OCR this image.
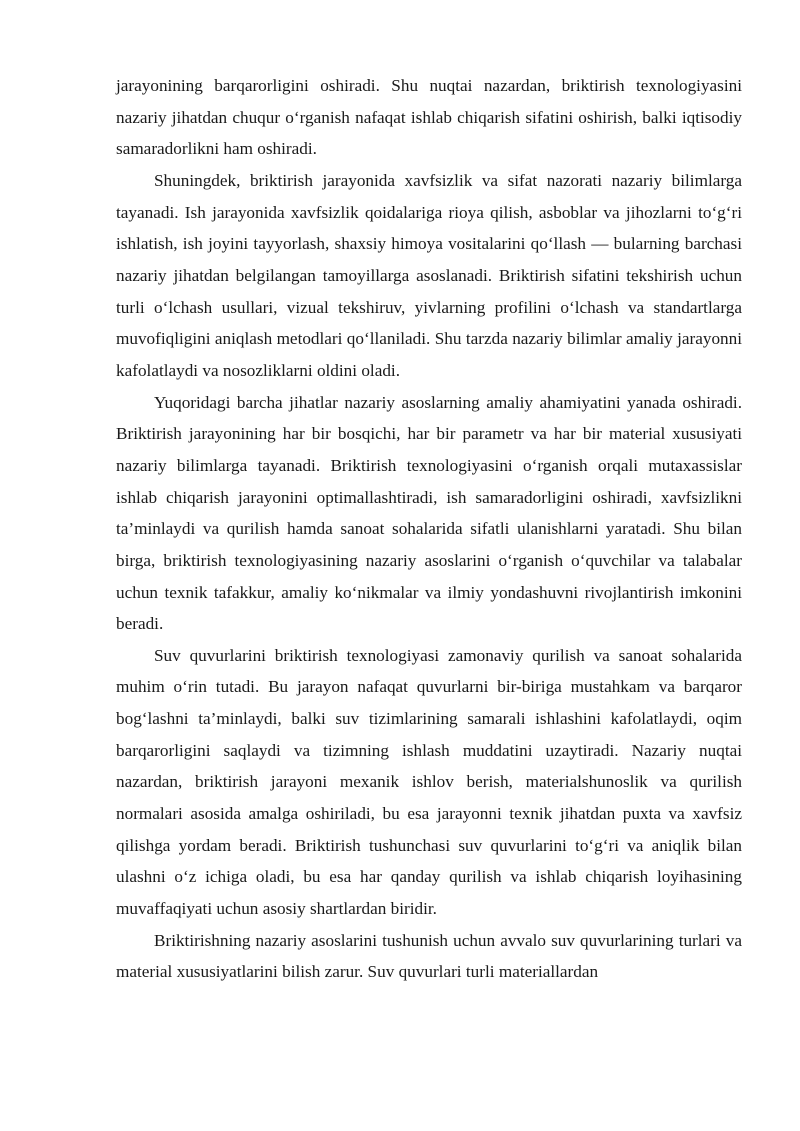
jarayonining barqarorligini oshiradi. Shu nuqtai nazardan, briktirish texnologiyasini nazariy jihatdan chuqur o‘rganish nafaqat ishlab chiqarish sifatini oshirish, balki iqtisodiy samaradorlikni ham oshiradi.

Shuningdek, briktirish jarayonida xavfsizlik va sifat nazorati nazariy bilimlarga tayanadi. Ish jarayonida xavfsizlik qoidalariga rioya qilish, asboblar va jihozlarni to‘g‘ri ishlatish, ish joyini tayyorlash, shaxsiy himoya vositalarini qo‘llash — bularning barchasi nazariy jihatdan belgilangan tamoyillarga asoslanadi. Briktirish sifatini tekshirish uchun turli o‘lchash usullari, vizual tekshiruv, yivlarning profilini o‘lchash va standartlarga muvofiqligini aniqlash metodlari qo‘llaniladi. Shu tarzda nazariy bilimlar amaliy jarayonni kafolatlaydi va nosozliklarni oldini oladi.

Yuqoridagi barcha jihatlar nazariy asoslarning amaliy ahamiyatini yanada oshiradi. Briktirish jarayonining har bir bosqichi, har bir parametr va har bir material xususiyati nazariy bilimlarga tayanadi. Briktirish texnologiyasini o‘rganish orqali mutaxassislar ishlab chiqarish jarayonini optimallashtiradi, ish samaradorligini oshiradi, xavfsizlikni ta’minlaydi va qurilish hamda sanoat sohalarida sifatli ulanishlarni yaratadi. Shu bilan birga, briktirish texnologiyasining nazariy asoslarini o‘rganish o‘quvchilar va talabalar uchun texnik tafakkur, amaliy ko‘nikmalar va ilmiy yondashuvni rivojlantirish imkonini beradi.

Suv quvurlarini briktirish texnologiyasi zamonaviy qurilish va sanoat sohalarida muhim o‘rin tutadi. Bu jarayon nafaqat quvurlarni bir-biriga mustahkam va barqaror bog‘lashni ta’minlaydi, balki suv tizimlarining samarali ishlashini kafolatlaydi, oqim barqarorligini saqlaydi va tizimning ishlash muddatini uzaytiradi. Nazariy nuqtai nazardan, briktirish jarayoni mexanik ishlov berish, materialshunoslik va qurilish normalari asosida amalga oshiriladi, bu esa jarayonni texnik jihatdan puxta va xavfsiz qilishga yordam beradi. Briktirish tushunchasi suv quvurlarini to‘g‘ri va aniqlik bilan ulashni o‘z ichiga oladi, bu esa har qanday qurilish va ishlab chiqarish loyihasining muvaffaqiyati uchun asosiy shartlardan biridir.

Briktirishning nazariy asoslarini tushunish uchun avvalo suv quvurlarining turlari va material xususiyatlarini bilish zarur. Suv quvurlari turli materiallardan
